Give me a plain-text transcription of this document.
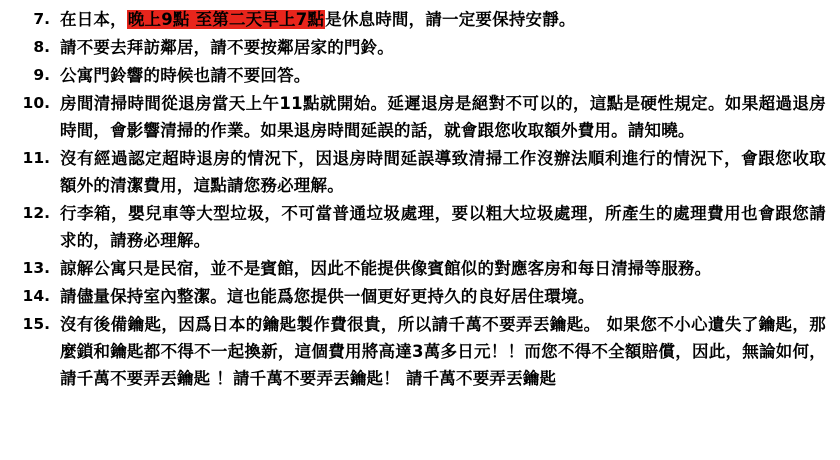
7. 在日本，晚上9點 至第二天早上7點是休息時間，請一定要保持安靜。
8. 請不要去拜訪鄰居，請不要按鄰居家的門鈴。
9. 公寓門鈴響的時候也請不要回答。
10. 房間清掃時間從退房當天上午11點就開始。延遲退房是絕對不可以的，這點是硬性規定。如果超過退房時間，會影響清掃的作業。如果退房時間延誤的話，就會跟您收取額外費用。請知曉。
11. 沒有經過認定超時退房的情況下，因退房時間延誤導致清掃工作沒辦法順利進行的情況下，會跟您收取額外的清潔費用，這點請您務必理解。
12. 行李箱，嬰兒車等大型垃圾，不可當普通垃圾處理，要以粗大垃圾處理，所產生的處理費用也會跟您請求的，請務必理解。
13. 諒解公寓只是民宿，並不是賓館，因此不能提供像賓館似的對應客房和每日清掃等服務。
14. 請儘量保持室內整潔。這也能爲您提供一個更好更持久的良好居住環境。
15. 沒有後備鑰匙，因爲日本的鑰匙製作費很貴，所以請千萬不要弄丟鑰匙。 如果您不小心遺失了鑰匙，那麼鎖和鑰匙都不得不一起換新，這個費用將高達3萬多日元！！而您不得不全額賠償，因此，無論如何，請千萬不要弄丟鑰匙 ！請千萬不要弄丟鑰匙！ 請千萬不要弄丟鑰匙
